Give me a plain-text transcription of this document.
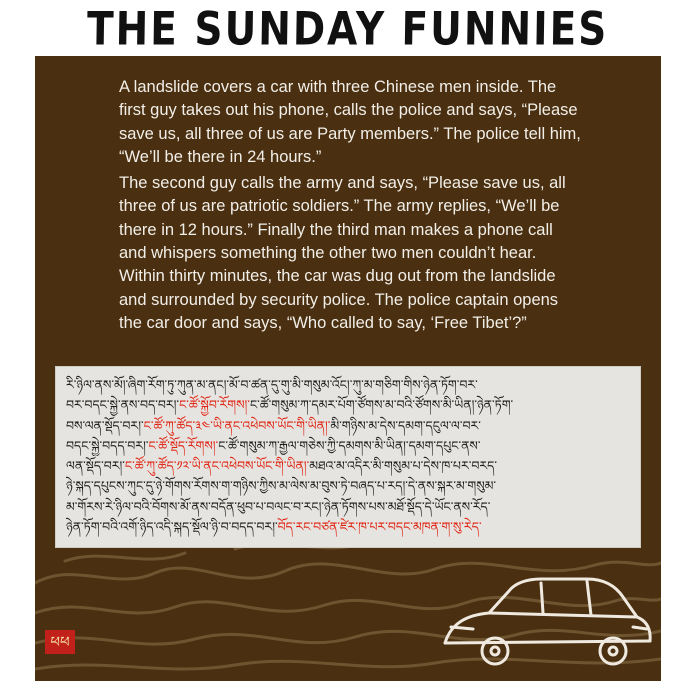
THE SUNDAY FUNNIES
ཕཕ

A landslide covers a car with three Chinese men inside. The first guy takes out his phone, calls the police and says, “Please save us, all three of us are Party members.” The police tell him, “We’ll be there in 24 hours.”

The second guy calls the army and says, “Please save us, all three of us are patriotic soldiers.” The army replies, “We’ll be there in 12 hours.” Finally the third man makes a phone call and whispers something the other two men couldn’t hear. Within thirty minutes, the car was dug out from the landslide and surrounded by security police. The police captain opens the car door and says, “Who called to say, ‘Free Tibet’?”

རི་ཉིལ་ནས་མོ།་ཞིག་རོག་ཏུ་ཀུན་མ་ནང།་མོ་བ་ཚན་དུ་གུ་མི་གསུམ་འོང།་ཀུ་མ་གཅིག་གིས་ཉེན་ཏོག་བར་
བར་བདང་སྐྱེ་ནས་བད་བར།་ང་ཚོ་སྐྱོབ་རོགས།་ང་ཚོ་གསུམ་ཀ་དམར་པོག་ཙོགས་མ་བའི་ཙོགས་མི་ཡིན།་ཉེན་ཏོག་
བས་ལན་སྡོད་བར།་ང་ཚོ་ཀུ་ཚོད་༣༤་ཡི་ནང་འཕེབས་ཡོང་གི་ཡིན།་མི་གཉིས་མ་དེས་དམག་དངུལ་ལ་བར་
བདང་སྐྱེ་བདད་བར།་ང་ཚོ་སྡོད་རོགས།་ང་ཚོ་གསུམ་ཀ་རྒྱལ་གཅེས་ཀྱི་དམགས་མི་ཡིན།་དམག་དཔུང་ནས་
ལན་སྡོད་བར།་ང་ཚོ་ཀུ་ཚོད་༡༢་ཡི་ནང་འཕེབས་ཡོང་གི་ཡིན།་མཐའ་མ་འདིར་མི་གསུམ་པ་དེས་ཁ་པར་བརད་
ཉེ་སྐད་དཔུངས་ཀུང་དུ་ཉེ་གོགས་རོགས་ག་གཉིས་ཀྱིས་མ་ལེས་མ་བུས་ཏེ་བཞད་པ་རད།་དེ་ནས་སྐར་མ་གསུམ་
མ་གོརས་རེ་ཉིལ་བའི་བོགས་མོ་ནས་བདོན་ཕུབ་པ་བལང་བ་རང།་ཉེན་ཏོགས་པས་མཐོ་སྡོད་དེ་ཡོང་ནས་རོད་
ཉེན་ཏོག་བའི་འགོ་ཉིད་འདི་སྐད་སྡོལ་ཉི་བ་བདད་བར།་བོད་རང་བཙན་ཛེར་ཁ་པར་བདང་མཁན་ག་སུ་རེད་
